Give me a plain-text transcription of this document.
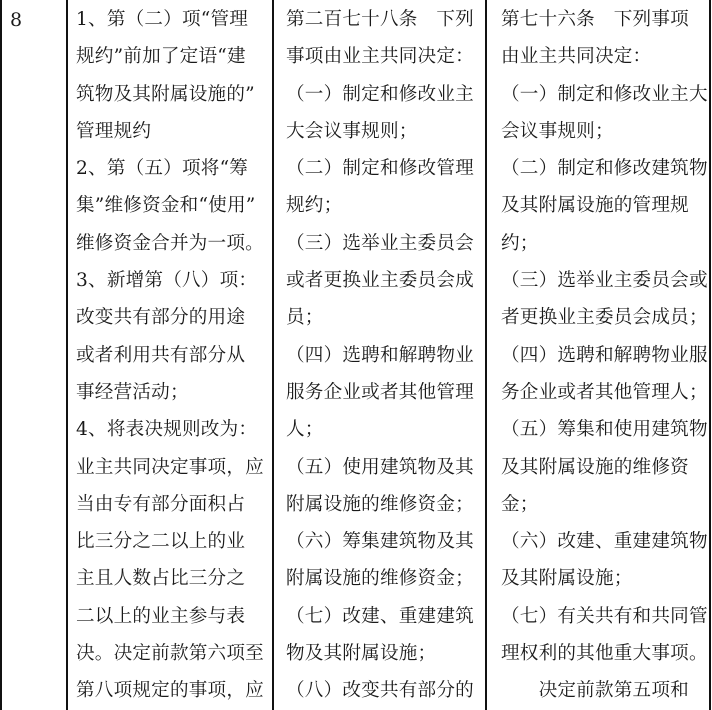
8	1、第（二）项“管理
规约”前加了定语“建
筑物及其附属设施的”
管理规约
2、第（五）项将“筹
集”维修资金和“使用”
维修资金合并为一项。
3、新增第（八）项：
改变共有部分的用途
或者利用共有部分从
事经营活动；
4、将表决规则改为：
业主共同决定事项，应
当由专有部分面积占
比三分之二以上的业
主且人数占比三分之
二以上的业主参与表
决。决定前款第六项至
第八项规定的事项，应
第二百七十八条　下列
事项由业主共同决定：
（一）制定和修改业主
大会议事规则；
（二）制定和修改管理
规约；
（三）选举业主委员会
或者更换业主委员会成
员；
（四）选聘和解聘物业
服务企业或者其他管理
人；
（五）使用建筑物及其
附属设施的维修资金；
（六）筹集建筑物及其
附属设施的维修资金；
（七）改建、重建建筑
物及其附属设施；
（八）改变共有部分的
第七十六条　下列事项
由业主共同决定：
（一）制定和修改业主大
会议事规则；
（二）制定和修改建筑物
及其附属设施的管理规
约；
（三）选举业主委员会或
者更换业主委员会成员；
（四）选聘和解聘物业服
务企业或者其他管理人；
（五）筹集和使用建筑物
及其附属设施的维修资
金；
（六）改建、重建建筑物
及其附属设施；
（七）有关共有和共同管
理权利的其他重大事项。
　　决定前款第五项和
